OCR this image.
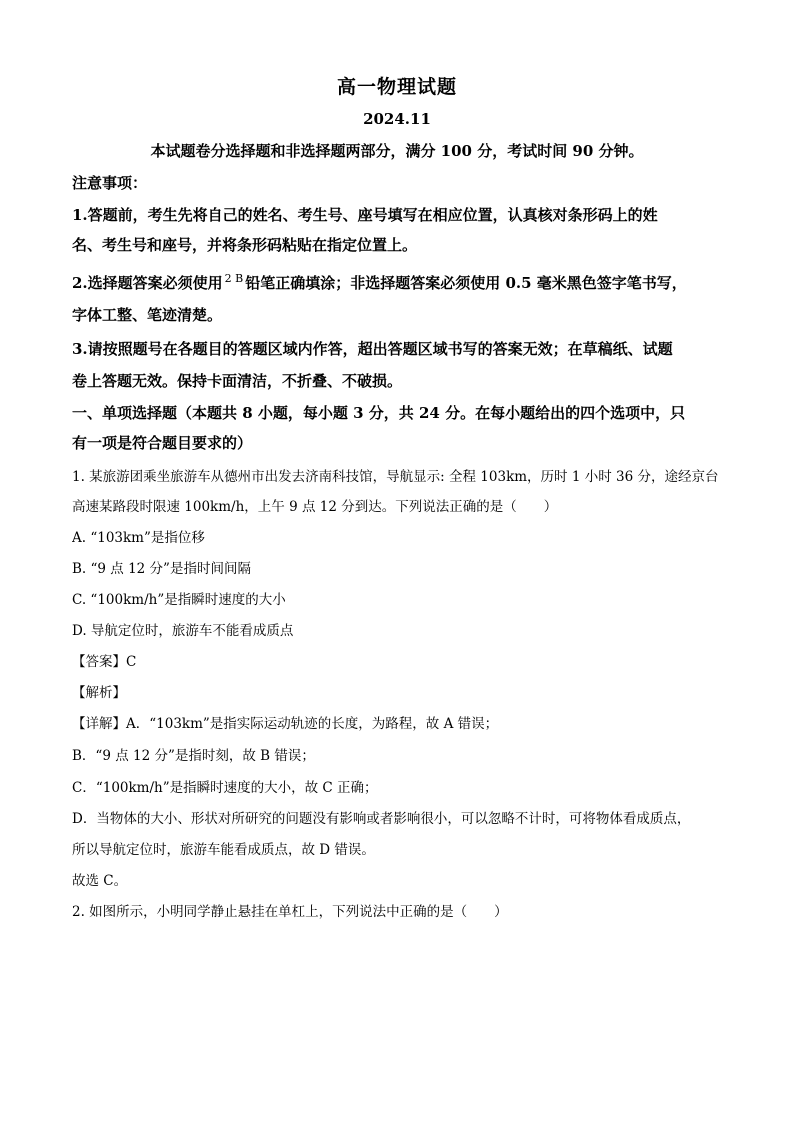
高一物理试题
2024.11
本试题卷分选择题和非选择题两部分，满分 100 分，考试时间 90 分钟。
注意事项：
1.答题前，考生先将自己的姓名、考生号、座号填写在相应位置，认真核对条形码上的姓
名、考生号和座号，并将条形码粘贴在指定位置上。
2.选择题答案必须使用 $^{2 B}$ 铅笔正确填涂；非选择题答案必须使用 0.5 毫米黑色签字笔书写，
字体工整、笔迹清楚。
3.请按照题号在各题目的答题区域内作答，超出答题区域书写的答案无效；在草稿纸、试题
卷上答题无效。保持卡面清洁，不折叠、不破损。
一、单项选择题（本题共 8 小题，每小题 3 分，共 24 分。在每小题给出的四个选项中，只
有一项是符合题目要求的）
1. 某旅游团乘坐旅游车从德州市出发去济南科技馆，导航显示: 全程 103km，历时 1 小时 36 分，途经京台
高速某路段时限速 100km/h，上午 9 点 12 分到达。下列说法正确的是（　　）
A. “103km”是指位移
B. “9 点 12 分”是指时间间隔
C. “100km/h”是指瞬时速度的大小
D. 导航定位时，旅游车不能看成质点
【答案】C
【解析】
【详解】A．“103km”是指实际运动轨迹的长度，为路程，故 A 错误；
B．“9 点 12 分”是指时刻，故 B 错误；
C．“100km/h”是指瞬时速度的大小，故 C 正确；
D．当物体的大小、形状对所研究的问题没有影响或者影响很小，可以忽略不计时，可将物体看成质点，
所以导航定位时，旅游车能看成质点，故 D 错误。
故选 C。
2. 如图所示，小明同学静止悬挂在单杠上，下列说法中正确的是（　　）
